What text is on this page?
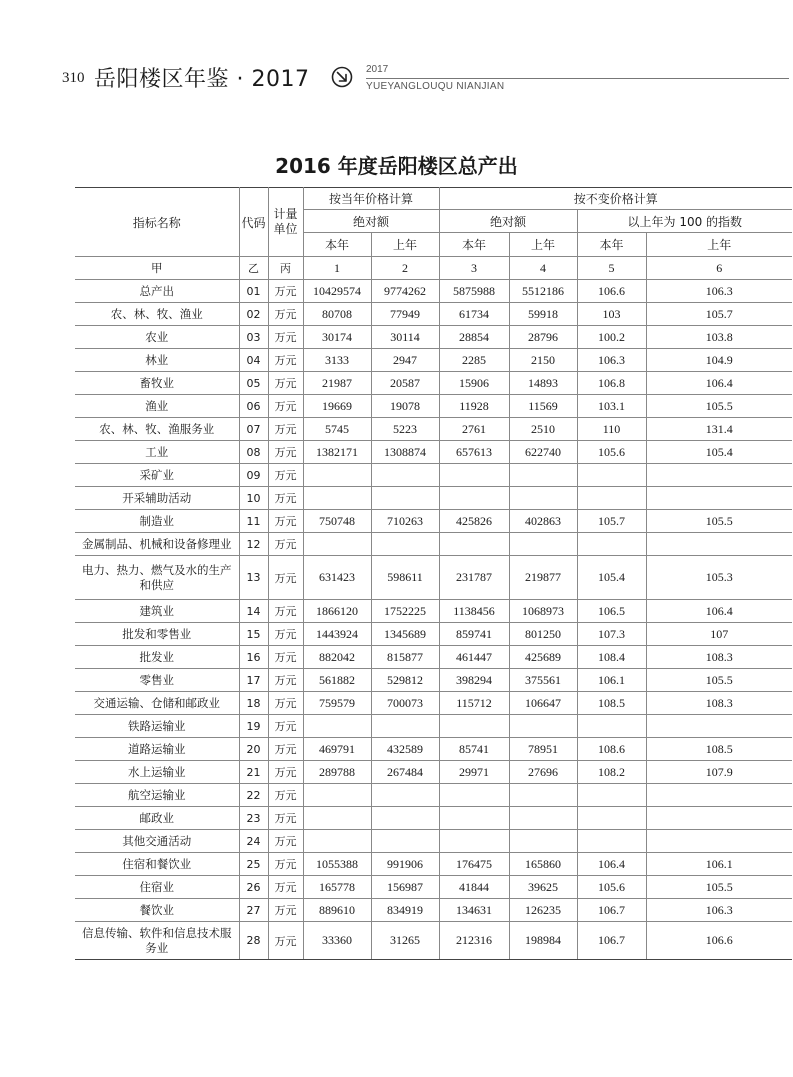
310 岳阳楼区年鉴 · 2017	2017
YUEYANGLOUQU NIANJIAN
2016 年度岳阳楼区总产出
指标名称	代码	计量单位	按当年价格计算		按不变价格计算			
			绝对额		绝对额		以上年为 100 的指数	
			本年	上年	本年	上年	本年	上年
甲	乙	丙	1	2	3	4	5	6
总产出	01	万元	10429574	9774262	5875988	5512186	106.6	106.3
农、林、牧、渔业	02	万元	80708	77949	61734	59918	103	105.7
农业	03	万元	30174	30114	28854	28796	100.2	103.8
林业	04	万元	3133	2947	2285	2150	106.3	104.9
畜牧业	05	万元	21987	20587	15906	14893	106.8	106.4
渔业	06	万元	19669	19078	11928	11569	103.1	105.5
农、林、牧、渔服务业	07	万元	5745	5223	2761	2510	110	131.4
工业	08	万元	1382171	1308874	657613	622740	105.6	105.4
采矿业	09	万元						
开采辅助活动	10	万元						
制造业	11	万元	750748	710263	425826	402863	105.7	105.5
金属制品、机械和设备修理业	12	万元						
电力、热力、燃气及水的生产和供应	13	万元	631423	598611	231787	219877	105.4	105.3
建筑业	14	万元	1866120	1752225	1138456	1068973	106.5	106.4
批发和零售业	15	万元	1443924	1345689	859741	801250	107.3	107
批发业	16	万元	882042	815877	461447	425689	108.4	108.3
零售业	17	万元	561882	529812	398294	375561	106.1	105.5
交通运输、仓储和邮政业	18	万元	759579	700073	115712	106647	108.5	108.3
铁路运输业	19	万元						
道路运输业	20	万元	469791	432589	85741	78951	108.6	108.5
水上运输业	21	万元	289788	267484	29971	27696	108.2	107.9
航空运输业	22	万元						
邮政业	23	万元						
其他交通活动	24	万元						
住宿和餐饮业	25	万元	1055388	991906	176475	165860	106.4	106.1
住宿业	26	万元	165778	156987	41844	39625	105.6	105.5
餐饮业	27	万元	889610	834919	134631	126235	106.7	106.3
信息传输、软件和信息技术服务业	28	万元	33360	31265	212316	198984	106.7	106.6
